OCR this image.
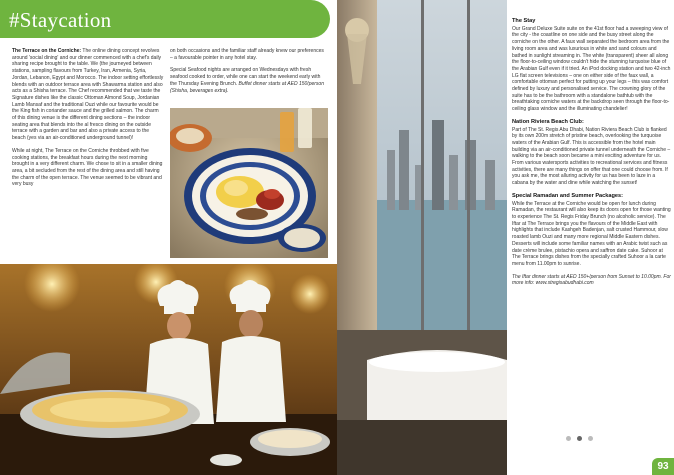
#Staycation

The Terrace on the Corniche: The online dining concept revolves around 'social dining' and our dinner commenced with a chef's daily sharing recipe brought to the table. We (the journeyed between stations, sampling flavours from Turkey, Iran, Armenia, Syria, Jordan, Lebanon, Egypt and Morocco. The indoor setting effortlessly blends with an outdoor terrace area with Shawarma station and also acts as a Shisha terrace. The Chef recommended that we taste the Signature dishes like the classic Ottoman Almond Soup, Jordanian Lamb Mansaf and the traditional Ouzi while our favourite would be the King fish in coriander sauce and the grilled salmon. The charm of this dining venue is the different dining sections – the indoor seating area that blends into the al fresco dining on the outside terrace with a garden and bar and also a private access to the beach (yes via an air-conditioned underground tunnel)!

While at night, The Terrace on the Corniche throbbed with five cooking stations, the breakfast hours during the next morning brought in a very different charm. We chose to sit in a smaller dining area, a bit secluded from the rest of the dining area and still having the charm of the open terrace. The venue seemed to be vibrant and very busy

on both occasions and the familiar staff already knew our preferences – a favourable pointer in any hotel stay.

Special Seafood nights are arranged on Wednesdays with fresh seafood cooked to order, while one can start the weekend early with the Thursday Evening Brunch. Buffet dinner starts at AED 150/person (Shisha, beverages extra).

The Stay

Our Grand Deluxe Suite suite on the 41st floor had a sweeping view of the city - the coastline on one side and the busy street along the corniche on the other. A faux wall separated the bedroom area from the living room area and was luxurious in white and sand colours and bathed in sunlight streaming in. The white (transparent) sheer all along the floor-to-ceiling window couldn't hide the stunning turquoise blue of the Arabian Gulf even if it tried. An iPod docking station and two 42-inch LG flat screen televisions – one on either side of the faux wall, a comfortable ottoman perfect for putting up your legs – this was comfort defined by luxury and personalised service. The crowning glory of the suite has to be the bathroom with a standalone bathtub with the breathtaking corniche waters at the backdrop seen through the floor-to-ceiling glass window and the illuminating chandelier!

Nation Riviera Beach Club:

Part of The St. Regis Abu Dhabi, Nation Riviera Beach Club is flanked by its own 200m stretch of pristine beach, overlooking the turquoise waters of the Arabian Gulf. This is accessible from the hotel main building via an air-conditioned private tunnel underneath the Corniche – walking to the beach soon became a mini exciting adventure for us. From various watersports activities to recreational services and fitness activities, there are many things on offer that one could choose from. If you ask me, the most alluring activity for us has been to laze in a cabana by the water and dine while watching the sunset!

Special Ramadan and Summer Packages:

While the Terrace at the Corniche would be open for lunch during Ramadan, the restaurant will also keep its doors open for those wanting to experience The St. Regis Friday Brunch (no alcoholic service). The Iftar at The Terrace brings you the flavours of the Middle East with highlights that include Kashgeh Badenjan, salt crusted Hammour, slow roasted lamb Ouzi and many more regional Middle Eastern dishes. Desserts will include some familiar names with an Arabic twist such as date crème brulee, pistachio opera and saffron date cake. Suhoor at The Terrace brings dishes from the specially crafted Suhoor a la carte menu from 11.00pm to sunrise.

The Iftar dinner starts at AED 150+/person from Sunset to 10.00pm. For more info: www.stregisabudhabi.com

93
